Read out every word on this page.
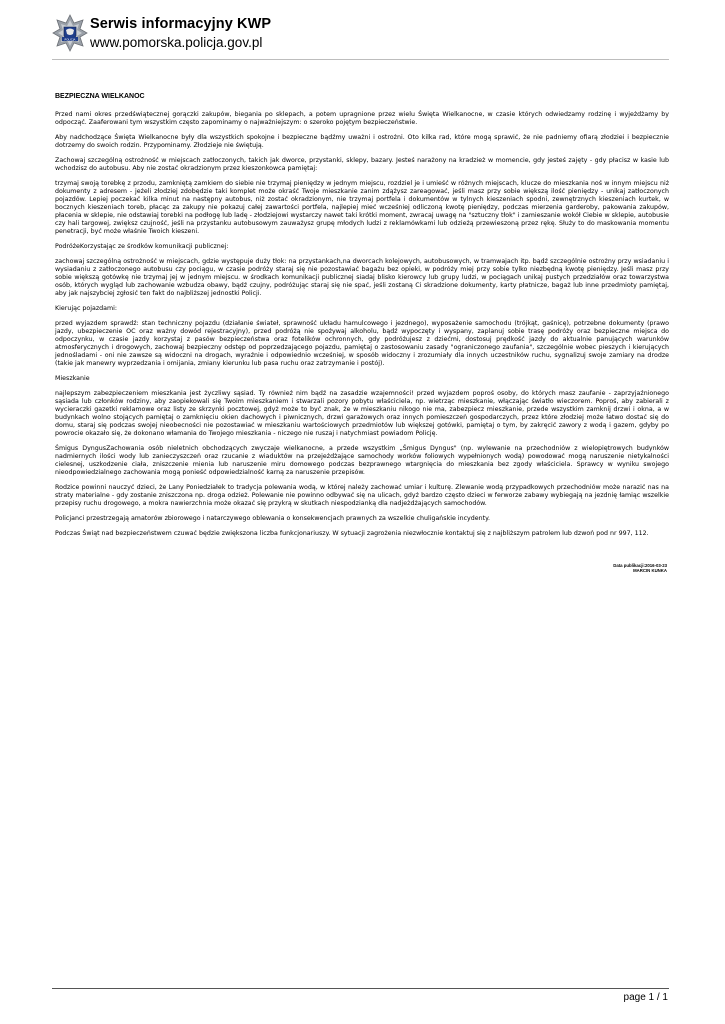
POLICJA
Serwis informacyjny KWP
www.pomorska.policja.gov.pl

BEZPIECZNA WIELKANOC

Przed nami okres przedświątecznej gorączki zakupów, biegania po sklepach, a potem upragnione przez wielu Święta Wielkanocne, w czasie których odwiedzamy rodzinę i wyjeżdżamy by odpocząć. Zaaferowani tym wszystkim często zapominamy o najważniejszym: o szeroko pojętym bezpieczeństwie.

Aby nadchodzące Święta Wielkanocne były dla wszystkich spokojne i bezpieczne bądźmy uważni i ostrożni. Oto kilka rad, które mogą sprawić, że nie padniemy ofiarą złodziei i bezpiecznie dotrzemy do swoich rodzin. Przypominamy. Złodzieje nie świętują.

Zachowaj szczególną ostrożność w miejscach zatłoczonych, takich jak dworce, przystanki, sklepy, bazary. Jesteś narażony na kradzież w momencie, gdy jesteś zajęty - gdy płacisz w kasie lub wchodzisz do autobusu. Aby nie zostać okradzionym przez kieszonkowca pamiętaj:

trzymaj swoją torebkę z przodu, zamkniętą zamkiem do siebie nie trzymaj pieniędzy w jednym miejscu, rozdziel je i umieść w różnych miejscach, klucze do mieszkania noś w innym miejscu niż dokumenty z adresem - jeżeli złodziej zdobędzie taki komplet może okraść Twoje mieszkanie zanim zdążysz zareagować, jeśli masz przy sobie większą ilość pieniędzy - unikaj zatłoczonych pojazdów. Lepiej poczekać kilka minut na następny autobus, niż zostać okradzionym, nie trzymaj portfela i dokumentów w tylnych kieszeniach spodni, zewnętrznych kieszeniach kurtek, w bocznych kieszeniach toreb, płacąc za zakupy nie pokazuj całej zawartości portfela, najlepiej mieć wcześniej odliczoną kwotę pieniędzy, podczas mierzenia garderoby, pakowania zakupów, płacenia w sklepie, nie odstawiaj torebki na podłogę lub ladę - złodziejowi wystarczy nawet taki krótki moment, zwracaj uwagę na "sztuczny tłok" i zamieszanie wokół Ciebie w sklepie, autobusie czy hali targowej, zwiększ czujność, jeśli na przystanku autobusowym zauważysz grupę młodych ludzi z reklamówkami lub odzieżą przewieszoną przez rękę. Służy to do maskowania momentu penetracji, być może właśnie Twoich kieszeni.

PodróżeKorzystając ze środków komunikacji publicznej:

zachowaj szczególną ostrożność w miejscach, gdzie występuje duży tłok: na przystankach,na dworcach kolejowych, autobusowych, w tramwajach itp. bądź szczególnie ostrożny przy wsiadaniu i wysiadaniu z zatłoczonego autobusu czy pociągu, w czasie podróży staraj się nie pozostawiać bagażu bez opieki, w podróży miej przy sobie tylko niezbędną kwotę pieniędzy. Jeśli masz przy sobie większą gotówkę nie trzymaj jej w jednym miejscu. w środkach komunikacji publicznej siadaj blisko kierowcy lub grupy ludzi, w pociągach unikaj pustych przedziałów oraz towarzystwa osób, których wygląd lub zachowanie wzbudza obawy, bądź czujny, podróżując staraj się nie spać, jeśli zostaną Ci skradzione dokumenty, karty płatnicze, bagaż lub inne przedmioty pamiętaj, aby jak najszybciej zgłosić ten fakt do najbliższej jednostki Policji.

Kierując pojazdami:

przed wyjazdem sprawdź: stan techniczny pojazdu (działanie świateł, sprawność układu hamulcowego i jezdnego), wyposażenie samochodu (trójkąt, gaśnicę), potrzebne dokumenty (prawo jazdy, ubezpieczenie OC oraz ważny dowód rejestracyjny), przed podróżą nie spożywaj alkoholu, bądź wypoczęty i wyspany, zaplanuj sobie trasę podróży oraz bezpieczne miejsca do odpoczynku, w czasie jazdy korzystaj z pasów bezpieczeństwa oraz fotelików ochronnych, gdy podróżujesz z dziećmi, dostosuj prędkość jazdy do aktualnie panujących warunków atmosferycznych i drogowych, zachowaj bezpieczny odstęp od poprzedzającego pojazdu, pamiętaj o zastosowaniu zasady "ograniczonego zaufania", szczególnie wobec pieszych i kierujących jednośladami - oni nie zawsze są widoczni na drogach, wyraźnie i odpowiednio wcześniej, w sposób widoczny i zrozumiały dla innych uczestników ruchu, sygnalizuj swoje zamiary na drodze (takie jak manewry wyprzedzania i omijania, zmiany kierunku lub pasa ruchu oraz zatrzymanie i postój).

Mieszkanie

najlepszym zabezpieczeniem mieszkania jest życzliwy sąsiad. Ty również nim bądź na zasadzie wzajemności! przed wyjazdem poproś osoby, do których masz zaufanie - zaprzyjaźnionego sąsiada lub członków rodziny, aby zaopiekowali się Twoim mieszkaniem i stwarzali pozory pobytu właściciela, np. wietrząc mieszkanie, włączając światło wieczorem. Poproś, aby zabierali z wycieraczki gazetki reklamowe oraz listy ze skrzynki pocztowej, gdyż może to być znak, że w mieszkaniu nikogo nie ma, zabezpiecz mieszkanie, przede wszystkim zamknij drzwi i okna, a w budynkach wolno stojących pamiętaj o zamknięciu okien dachowych i piwnicznych, drzwi garażowych oraz innych pomieszczeń gospodarczych, przez które złodziej może łatwo dostać się do domu, staraj się podczas swojej nieobecności nie pozostawiać w mieszkaniu wartościowych przedmiotów lub większej gotówki, pamiętaj o tym, by zakręcić zawory z wodą i gazem, gdyby po powrocie okazało się, że dokonano włamania do Twojego mieszkania - niczego nie ruszaj i natychmiast powiadom Policję.

Śmigus DyngusZachowania osób nieletnich obchodzących zwyczaje wielkanocne, a przede wszystkim „Śmigus Dyngus" (np. wylewanie na przechodniów z wielopiętrowych budynków nadmiernych ilości wody lub zanieczyszczeń oraz rzucanie z wiaduktów na przejeżdżające samochody worków foliowych wypełnionych wodą) powodować mogą naruszenie nietykalności cielesnej, uszkodzenie ciała, zniszczenie mienia lub naruszenie miru domowego podczas bezprawnego wtargnięcia do mieszkania bez zgody właściciela. Sprawcy w wyniku swojego nieodpowiedzialnego zachowania mogą ponieść odpowiedzialność karną za naruszenie przepisów.

Rodzice powinni nauczyć dzieci, że Lany Poniedziałek to tradycja polewania wodą, w której należy zachować umiar i kulturę. Zlewanie wodą przypadkowych przechodniów może narazić nas na straty materialne - gdy zostanie zniszczona np. droga odzież. Polewanie nie powinno odbywać się na ulicach, gdyż bardzo często dzieci w ferworze zabawy wybiegają na jezdnię łamiąc wszelkie przepisy ruchu drogowego, a mokra nawierzchnia może okazać się przykrą w skutkach niespodzianką dla nadjeżdżających samochodów.

Policjanci przestrzegają amatorów zbiorowego i natarczywego oblewania o konsekwencjach prawnych za wszelkie chuligańskie incydenty.

Podczas Świąt nad bezpieczeństwem czuwać będzie zwiększona liczba funkcjonariuszy. W sytuacji zagrożenia niezwłocznie kontaktuj się z najbliższym patrolem lub dzwoń pod nr 997, 112.

Data publikacji:2016-03-23
MARCIN KUNKA
page 1 / 1
